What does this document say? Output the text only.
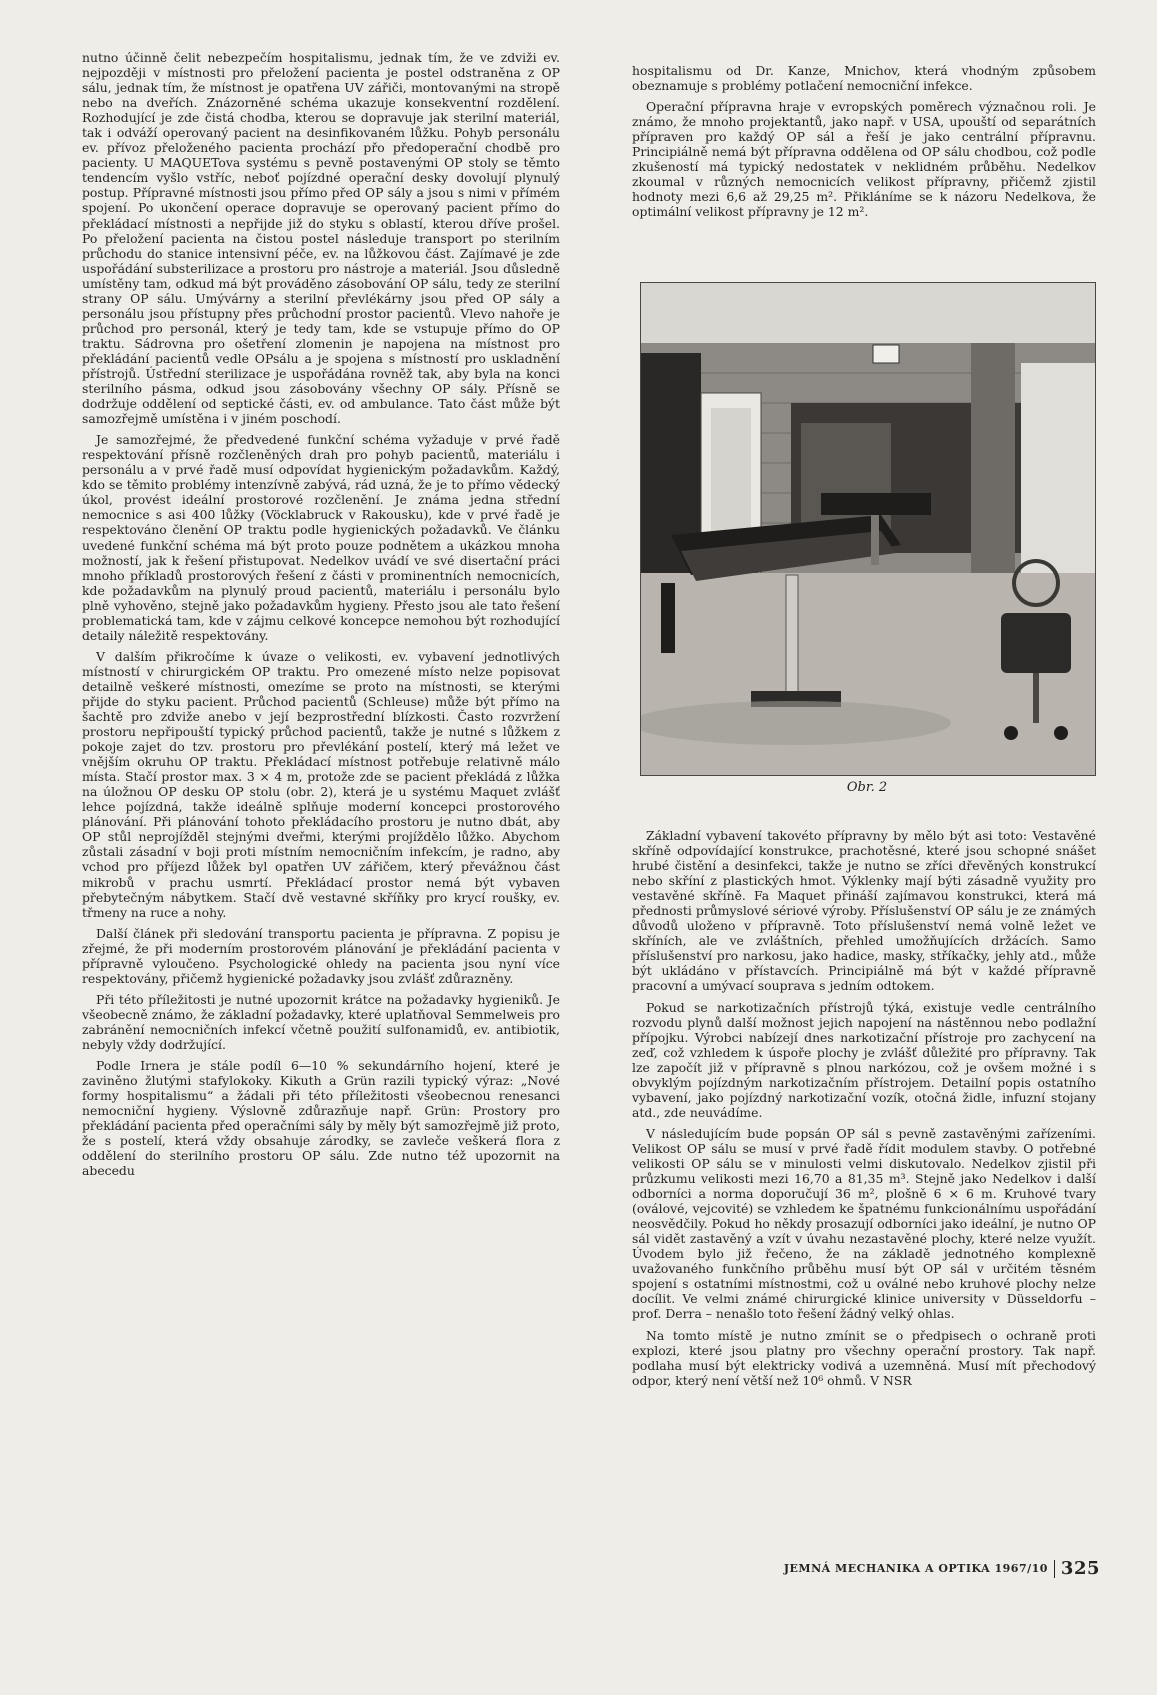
nutno účinně čelit nebezpečím hospitalismu, jednak tím, že ve zdviži ev. nejpozději v místnosti pro přeložení pacienta je postel odstraněna z OP sálu, jednak tím, že místnost je opatřena UV zářiči, montovanými na stropě nebo na dveřích. Znázorněné schéma ukazuje konsekventní rozdělení. Rozhodující je zde čistá chodba, kterou se dopravuje jak sterilní materiál, tak i odváží operovaný pacient na desinfikovaném lůžku. Pohyb personálu ev. přívoz přeloženého pacienta prochází přo předoperační chodbě pro pacienty. U MAQUETova systému s pevně postavenými OP stoly se těmto tendencím vyšlo vstříc, neboť pojízdné operační desky dovolují plynulý postup. Přípravné místnosti jsou přímo před OP sály a jsou s nimi v přímém spojení. Po ukončení operace dopravuje se operovaný pacient přímo do překládací místnosti a nepřijde již do styku s oblastí, kterou dříve prošel. Po přeložení pacienta na čistou postel následuje transport po sterilním průchodu do stanice intensivní péče, ev. na lůžkovou část. Zajímavé je zde uspořádání substerilizace a prostoru pro nástroje a materiál. Jsou důsledně umístěny tam, odkud má být prováděno zásobování OP sálu, tedy ze sterilní strany OP sálu. Umývárny a sterilní převlékárny jsou před OP sály a personálu jsou přístupny přes průchodní prostor pacientů. Vlevo nahoře je průchod pro personál, který je tedy tam, kde se vstupuje přímo do OP traktu. Sádrovna pro ošetření zlomenin je napojena na místnost pro překládání pacientů vedle OPsálu a je spojena s místností pro uskladnění přístrojů. Ústřední sterilizace je uspořádána rovněž tak, aby byla na konci sterilního pásma, odkud jsou zásobovány všechny OP sály. Přísně se dodržuje oddělení od septické části, ev. od ambulance. Tato část může být samozřejmě umístěna i v jiném poschodí.

Je samozřejmé, že předvedené funkční schéma vyžaduje v prvé řadě respektování přísně rozčleněných drah pro pohyb pacientů, materiálu i personálu a v prvé řadě musí odpovídat hygienickým požadavkům. Každý, kdo se těmito problémy intenzívně zabývá, rád uzná, že je to přímo vědecký úkol, provést ideální prostorové rozčlenění. Je známa jedna střední nemocnice s asi 400 lůžky (Vöcklabruck v Rakousku), kde v prvé řadě je respektováno členění OP traktu podle hygienických požadavků. Ve článku uvedené funkční schéma má být proto pouze podnětem a ukázkou mnoha možností, jak k řešení přistupovat. Nedelkov uvádí ve své disertační práci mnoho příkladů prostorových řešení z části v prominentních nemocnicích, kde požadavkům na plynulý proud pacientů, materiálu i personálu bylo plně vyhověno, stejně jako požadavkům hygieny. Přesto jsou ale tato řešení problematická tam, kde v zájmu celkové koncepce nemohou být rozhodující detaily náležitě respektovány.

V dalším přikročíme k úvaze o velikosti, ev. vybavení jednotlivých místností v chirurgickém OP traktu. Pro omezené místo nelze popisovat detailně veškeré místnosti, omezíme se proto na místnosti, se kterými přijde do styku pacient. Průchod pacientů (Schleuse) může být přímo na šachtě pro zdviže anebo v její bezprostřední blízkosti. Často rozvržení prostoru nepřipouští typický průchod pacientů, takže je nutné s lůžkem z pokoje zajet do tzv. prostoru pro převlékání postelí, který má ležet ve vnějším okruhu OP traktu. Překládací místnost potřebuje relativně málo místa. Stačí prostor max. 3 × 4 m, protože zde se pacient překládá z lůžka na úložnou OP desku OP stolu (obr. 2), která je u systému Maquet zvlášť lehce pojízdná, takže ideálně splňuje moderní koncepci prostorového plánování. Při plánování tohoto překládacího prostoru je nutno dbát, aby OP stůl neprojížděl stejnými dveřmi, kterými projíždělo lůžko. Abychom zůstali zásadní v boji proti místním nemocničním infekcím, je radno, aby vchod pro příjezd lůžek byl opatřen UV zářičem, který převážnou část mikrobů v prachu usmrtí. Překládací prostor nemá být vybaven přebytečným nábytkem. Stačí dvě vestavné skříňky pro krycí roušky, ev. třmeny na ruce a nohy.

Další článek při sledování transportu pacienta je přípravna. Z popisu je zřejmé, že při moderním prostorovém plánování je překládání pacienta v přípravně vyloučeno. Psychologické ohledy na pacienta jsou nyní více respektovány, přičemž hygienické požadavky jsou zvlášť zdůrazněny.

Při této příležitosti je nutné upozornit krátce na požadavky hygieniků. Je všeobecně známo, že základní požadavky, které uplatňoval Semmelweis pro zabránění nemocničních infekcí včetně použití sulfonamidů, ev. antibiotik, nebyly vždy dodržující.

Podle Irnera je stále podíl 6—10 % sekundárního hojení, které je zaviněno žlutými stafylokoky. Kikuth a Grün razili typický výraz: „Nové formy hospitalismu“ a žádali při této příležitosti všeobecnou renesanci nemocniční hygieny. Výslovně zdůrazňuje např. Grün: Prostory pro překládání pacienta před operačními sály by měly být samozřejmě již proto, že s postelí, která vždy obsahuje zárodky, se zavleče veškerá flora z oddělení do sterilního prostoru OP sálu. Zde nutno též upozornit na abecedu

hospitalismu od Dr. Kanze, Mnichov, která vhodným způsobem obeznamuje s problémy potlačení nemocniční infekce.

Operační přípravna hraje v evropských poměrech význačnou roli. Je známo, že mnoho projektantů, jako např. v USA, upouští od separátních přípraven pro každý OP sál a řeší je jako centrální přípravnu. Principiálně nemá být přípravna oddělena od OP sálu chodbou, což podle zkušeností má typický nedostatek v neklidném průběhu. Nedelkov zkoumal v různých nemocnicích velikost přípravny, přičemž zjistil hodnoty mezi 6,6 až 29,25 m². Přikláníme se k názoru Nedelkova, že optimální velikost přípravny je 12 m².

Obr. 2

Základní vybavení takovéto přípravny by mělo být asi toto: Vestavěné skříně odpovídající konstrukce, prachotěsné, které jsou schopné snášet hrubé čistění a desinfekci, takže je nutno se zříci dřevěných konstrukcí nebo skříní z plastických hmot. Výklenky mají býti zásadně využity pro vestavěné skříně. Fa Maquet přináší zajímavou konstrukci, která má přednosti průmyslové sériové výroby. Příslušenství OP sálu je ze známých důvodů uloženo v přípravně. Toto příslušenství nemá volně ležet ve skříních, ale ve zvláštních, přehled umožňujících držácích. Samo příslušenství pro narkosu, jako hadice, masky, stříkačky, jehly atd., může být ukládáno v přístavcích. Principiálně má být v každé přípravně pracovní a umývací souprava s jedním odtokem.

Pokud se narkotizačních přístrojů týká, existuje vedle centrálního rozvodu plynů další možnost jejich napojení na nástěnnou nebo podlažní přípojku. Výrobci nabízejí dnes narkotizační přístroje pro zachycení na zeď, což vzhledem k úspoře plochy je zvlášť důležité pro přípravny. Tak lze započít již v přípravně s plnou narkózou, což je ovšem možné i s obvyklým pojízdným narkotizačním přístrojem. Detailní popis ostatního vybavení, jako pojízdný narkotizační vozík, otočná židle, infuzní stojany atd., zde neuvádíme.

V následujícím bude popsán OP sál s pevně zastavěnými zařízeními. Velikost OP sálu se musí v prvé řadě řídit modulem stavby. O potřebné velikosti OP sálu se v minulosti velmi diskutovalo. Nedelkov zjistil při průzkumu velikosti mezi 16,70 a 81,35 m³. Stejně jako Nedelkov i další odborníci a norma doporučují 36 m², plošně 6 × 6 m. Kruhové tvary (oválové, vejcovité) se vzhledem ke špatnému funkcionálnímu uspořádání neosvědčily. Pokud ho někdy prosazují odborníci jako ideální, je nutno OP sál vidět zastavěný a vzít v úvahu nezastavěné plochy, které nelze využít. Úvodem bylo již řečeno, že na základě jednotného komplexně uvažovaného funkčního průběhu musí být OP sál v určitém těsném spojení s ostatními místnostmi, což u oválné nebo kruhové plochy nelze docílit. Ve velmi známé chirurgické klinice university v Düsseldorfu – prof. Derra – nenašlo toto řešení žádný velký ohlas.

Na tomto místě je nutno zmínit se o předpisech o ochraně proti explozi, které jsou platny pro všechny operační prostory. Tak např. podlaha musí být elektricky vodivá a uzemněná. Musí mít přechodový odpor, který není větší než 10⁶ ohmů. V NSR

JEMNÁ MECHANIKA A OPTIKA 1967/10 325
